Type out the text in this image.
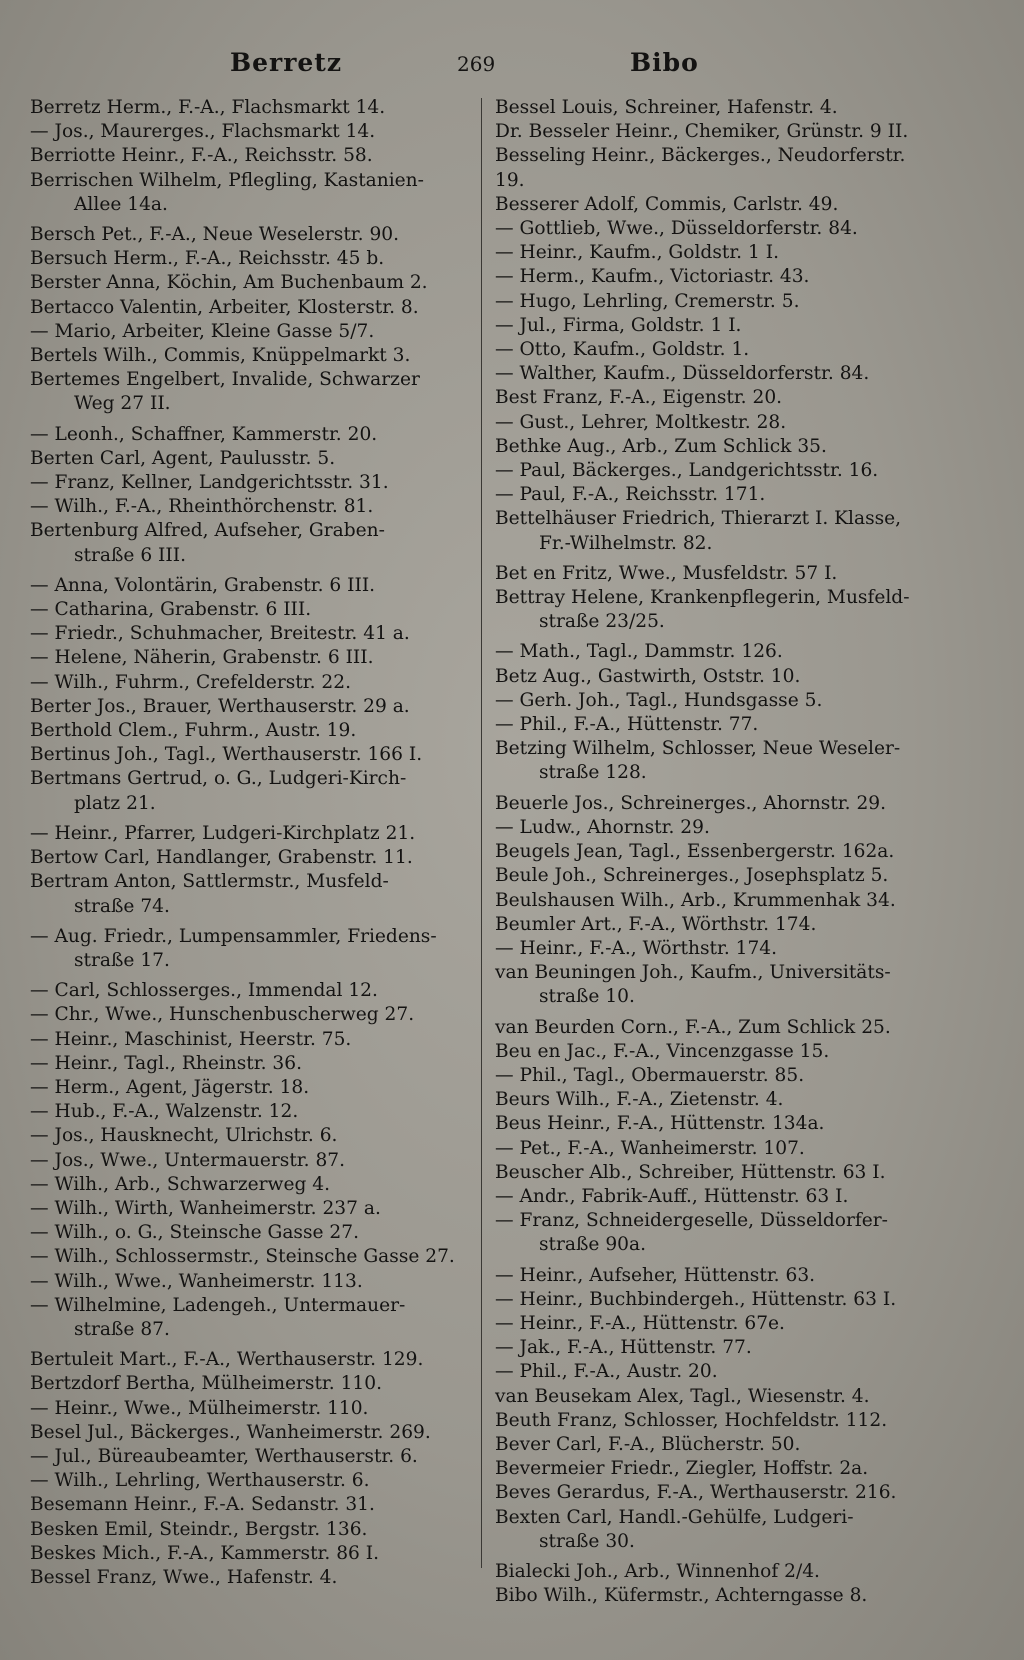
Berretz	269	Bibo
Berretz Herm., F.-A., Flachsmarkt 14.
— Jos., Maurerges., Flachsmarkt 14.
Berriotte Heinr., F.-A., Reichsstr. 58.
Berrischen Wilhelm, Pflegling, Kastanien-
Allee 14a.
Bersch Pet., F.-A., Neue Weselerstr. 90.
Bersuch Herm., F.-A., Reichsstr. 45 b.
Berster Anna, Köchin, Am Buchenbaum 2.
Bertacco Valentin, Arbeiter, Klosterstr. 8.
— Mario, Arbeiter, Kleine Gasse 5/7.
Bertels Wilh., Commis, Knüppelmarkt 3.
Bertemes Engelbert, Invalide, Schwarzer
Weg 27 II.
— Leonh., Schaffner, Kammerstr. 20.
Berten Carl, Agent, Paulusstr. 5.
— Franz, Kellner, Landgerichtsstr. 31.
— Wilh., F.-A., Rheinthörchenstr. 81.
Bertenburg Alfred, Aufseher, Graben-
straße 6 III.
— Anna, Volontärin, Grabenstr. 6 III.
— Catharina, Grabenstr. 6 III.
— Friedr., Schuhmacher, Breitestr. 41 a.
— Helene, Näherin, Grabenstr. 6 III.
— Wilh., Fuhrm., Crefelderstr. 22.
Berter Jos., Brauer, Werthauserstr. 29 a.
Berthold Clem., Fuhrm., Austr. 19.
Bertinus Joh., Tagl., Werthauserstr. 166 I.
Bertmans Gertrud, o. G., Ludgeri-Kirch-
platz 21.
— Heinr., Pfarrer, Ludgeri-Kirchplatz 21.
Bertow Carl, Handlanger, Grabenstr. 11.
Bertram Anton, Sattlermstr., Musfeld-
straße 74.
— Aug. Friedr., Lumpensammler, Friedens-
straße 17.
— Carl, Schlosserges., Immendal 12.
— Chr., Wwe., Hunschenbuscherweg 27.
— Heinr., Maschinist, Heerstr. 75.
— Heinr., Tagl., Rheinstr. 36.
— Herm., Agent, Jägerstr. 18.
— Hub., F.-A., Walzenstr. 12.
— Jos., Hausknecht, Ulrichstr. 6.
— Jos., Wwe., Untermauerstr. 87.
— Wilh., Arb., Schwarzerweg 4.
— Wilh., Wirth, Wanheimerstr. 237 a.
— Wilh., o. G., Steinsche Gasse 27.
— Wilh., Schlossermstr., Steinsche Gasse 27.
— Wilh., Wwe., Wanheimerstr. 113.
— Wilhelmine, Ladengeh., Untermauer-
straße 87.
Bertuleit Mart., F.-A., Werthauserstr. 129.
Bertzdorf Bertha, Mülheimerstr. 110.
— Heinr., Wwe., Mülheimerstr. 110.
Besel Jul., Bäckerges., Wanheimerstr. 269.
— Jul., Büreaubeamter, Werthauserstr. 6.
— Wilh., Lehrling, Werthauserstr. 6.
Besemann Heinr., F.-A. Sedanstr. 31.
Besken Emil, Steindr., Bergstr. 136.
Beskes Mich., F.-A., Kammerstr. 86 I.
Bessel Franz, Wwe., Hafenstr. 4.
Bessel Louis, Schreiner, Hafenstr. 4.
Dr. Besseler Heinr., Chemiker, Grünstr. 9 II.
Besseling Heinr., Bäckerges., Neudorferstr. 19.
Besserer Adolf, Commis, Carlstr. 49.
— Gottlieb, Wwe., Düsseldorferstr. 84.
— Heinr., Kaufm., Goldstr. 1 I.
— Herm., Kaufm., Victoriastr. 43.
— Hugo, Lehrling, Cremerstr. 5.
— Jul., Firma, Goldstr. 1 I.
— Otto, Kaufm., Goldstr. 1.
— Walther, Kaufm., Düsseldorferstr. 84.
Best Franz, F.-A., Eigenstr. 20.
— Gust., Lehrer, Moltkestr. 28.
Bethke Aug., Arb., Zum Schlick 35.
— Paul, Bäckerges., Landgerichtsstr. 16.
— Paul, F.-A., Reichsstr. 171.
Bettelhäuser Friedrich, Thierarzt I. Klasse,
Fr.-Wilhelmstr. 82.
Bet en Fritz, Wwe., Musfeldstr. 57 I.
Bettray Helene, Krankenpflegerin, Musfeld-
straße 23/25.
— Math., Tagl., Dammstr. 126.
Betz Aug., Gastwirth, Oststr. 10.
— Gerh. Joh., Tagl., Hundsgasse 5.
— Phil., F.-A., Hüttenstr. 77.
Betzing Wilhelm, Schlosser, Neue Weseler-
straße 128.
Beuerle Jos., Schreinerges., Ahornstr. 29.
— Ludw., Ahornstr. 29.
Beugels Jean, Tagl., Essenbergerstr. 162a.
Beule Joh., Schreinerges., Josephsplatz 5.
Beulshausen Wilh., Arb., Krummenhak 34.
Beumler Art., F.-A., Wörthstr. 174.
— Heinr., F.-A., Wörthstr. 174.
van Beuningen Joh., Kaufm., Universitäts-
straße 10.
van Beurden Corn., F.-A., Zum Schlick 25.
Beu en Jac., F.-A., Vincenzgasse 15.
— Phil., Tagl., Obermauerstr. 85.
Beurs Wilh., F.-A., Zietenstr. 4.
Beus Heinr., F.-A., Hüttenstr. 134a.
— Pet., F.-A., Wanheimerstr. 107.
Beuscher Alb., Schreiber, Hüttenstr. 63 I.
— Andr., Fabrik-Auff., Hüttenstr. 63 I.
— Franz, Schneidergeselle, Düsseldorfer-
straße 90a.
— Heinr., Aufseher, Hüttenstr. 63.
— Heinr., Buchbindergeh., Hüttenstr. 63 I.
— Heinr., F.-A., Hüttenstr. 67e.
— Jak., F.-A., Hüttenstr. 77.
— Phil., F.-A., Austr. 20.
van Beusekam Alex, Tagl., Wiesenstr. 4.
Beuth Franz, Schlosser, Hochfeldstr. 112.
Bever Carl, F.-A., Blücherstr. 50.
Bevermeier Friedr., Ziegler, Hoffstr. 2a.
Beves Gerardus, F.-A., Werthauserstr. 216.
Bexten Carl, Handl.-Gehülfe, Ludgeri-
straße 30.
Bialecki Joh., Arb., Winnenhof 2/4.
Bibo Wilh., Küfermstr., Achterngasse 8.
